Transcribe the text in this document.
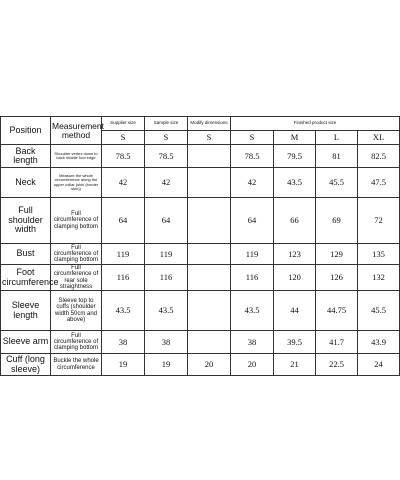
Position	Measurement method	Supplier size	Sample size	Modify dimensions	Finished product size			
		S	S	S	S	M	L	XL
Back length	Shoulder vertex down to back middle foot edge	78.5	78.5		78.5	79.5	81	82.5
Neck	Measure the whole circumference along the upper collar (skin (border skin))	42	42		42	43.5	45.5	47.5
Full shoulder width	Full circumference of clamping bottom	64	64		64	66	69	72
Bust	Full circumference of clamping bottom	119	119		119	123	129	135
Foot circumference	Full circumference of rear sole straightness	116	116		116	120	126	132
Sleeve length	Sleeve top to cuffs (shoulder width 50cm and above)	43.5	43.5		43.5	44	44.75	45.5
Sleeve arm	Full circumference of clamping bottom	38	38		38	39.5	41.7	43.9
Cuff (long sleeve)	Buckle the whole circumference	19	19	20	20	21	22.5	24
